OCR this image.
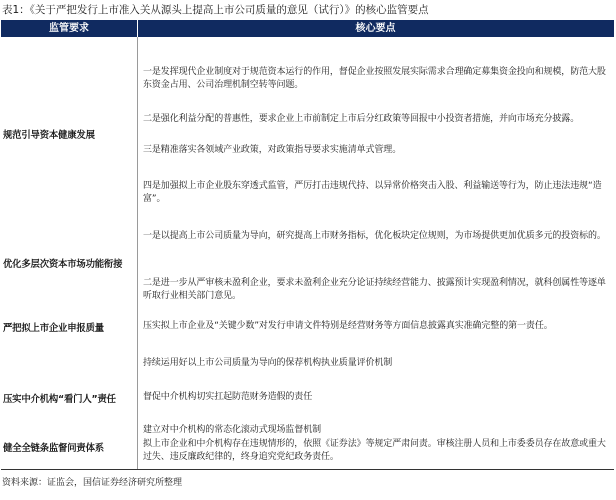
表1：《关于严把发行上市准入关从源头上提高上市公司质量的意见（试行）》的核心监管要点
监管要求	核心要点
规范引导资本健康发展
优化多层次资本市场功能衔接
严把拟上市企业申报质量
压实中介机构“看门人”责任
健全全链条监督问责体系
一是发挥现代企业制度对于规范资本运行的作用，督促企业按照发展实际需求合理确定募集资金投向和规模，防范大股东资金占用、公司治理机制空转等问题。
二是强化利益分配的普惠性，要求企业上市前制定上市后分红政策等回报中小投资者措施，并向市场充分披露。
三是精准落实各领域产业政策，对政策指导要求实施清单式管理。
四是加强拟上市企业股东穿透式监管，严厉打击违规代持、以异常价格突击入股、利益输送等行为，防止违法违规“造富”。
一是以提高上市公司质量为导向，研究提高上市财务指标，优化板块定位规则，为市场提供更加优质多元的投资标的。
二是进一步从严审核未盈利企业，要求未盈利企业充分论证持续经营能力、披露预计实现盈利情况，就科创属性等逐单听取行业相关部门意见。
压实拟上市企业及“关键少数”对发行申请文件特别是经营财务等方面信息披露真实准确完整的第一责任。
持续运用好以上市公司质量为导向的保荐机构执业质量评价机制
督促中介机构切实扛起防范财务造假的责任
建立对中介机构的常态化滚动式现场监督机制
拟上市企业和中介机构存在违规情形的，依照《证券法》等规定严肃问责。审核注册人员和上市委委员存在故意或重大过失、违反廉政纪律的，终身追究党纪政务责任。
资料来源：证监会，国信证券经济研究所整理
